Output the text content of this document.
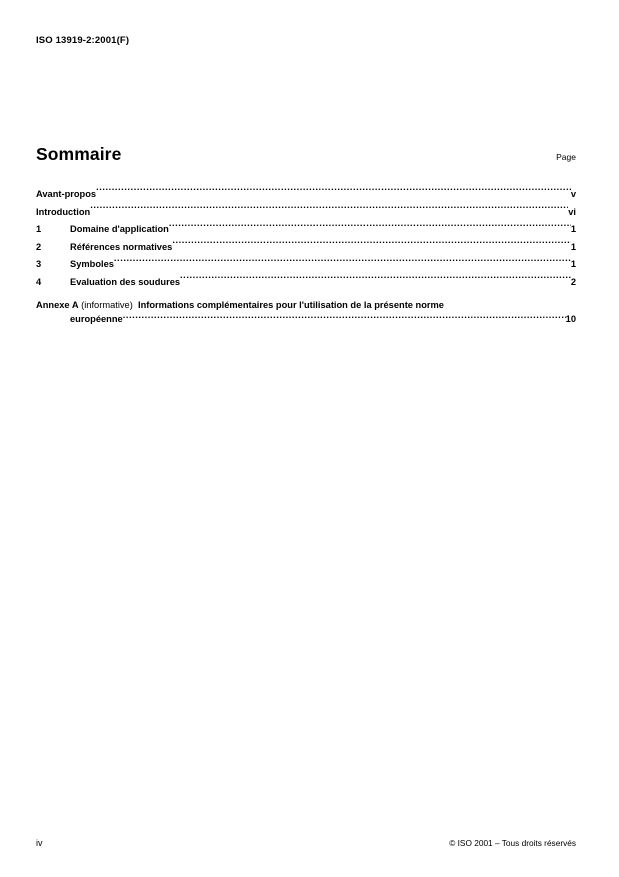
ISO 13919-2:2001(F)
Sommaire	Page
Avant-propos .....	v
Introduction .....	vi
1	Domaine d'application .....	1
2	Références normatives .....	1
3	Symboles .....	1
4	Evaluation des soudures .....	2
Annexe A (informative) Informations complémentaires pour l'utilisation de la présente norme
européenne .....	10
iv	© ISO 2001 – Tous droits réservés
